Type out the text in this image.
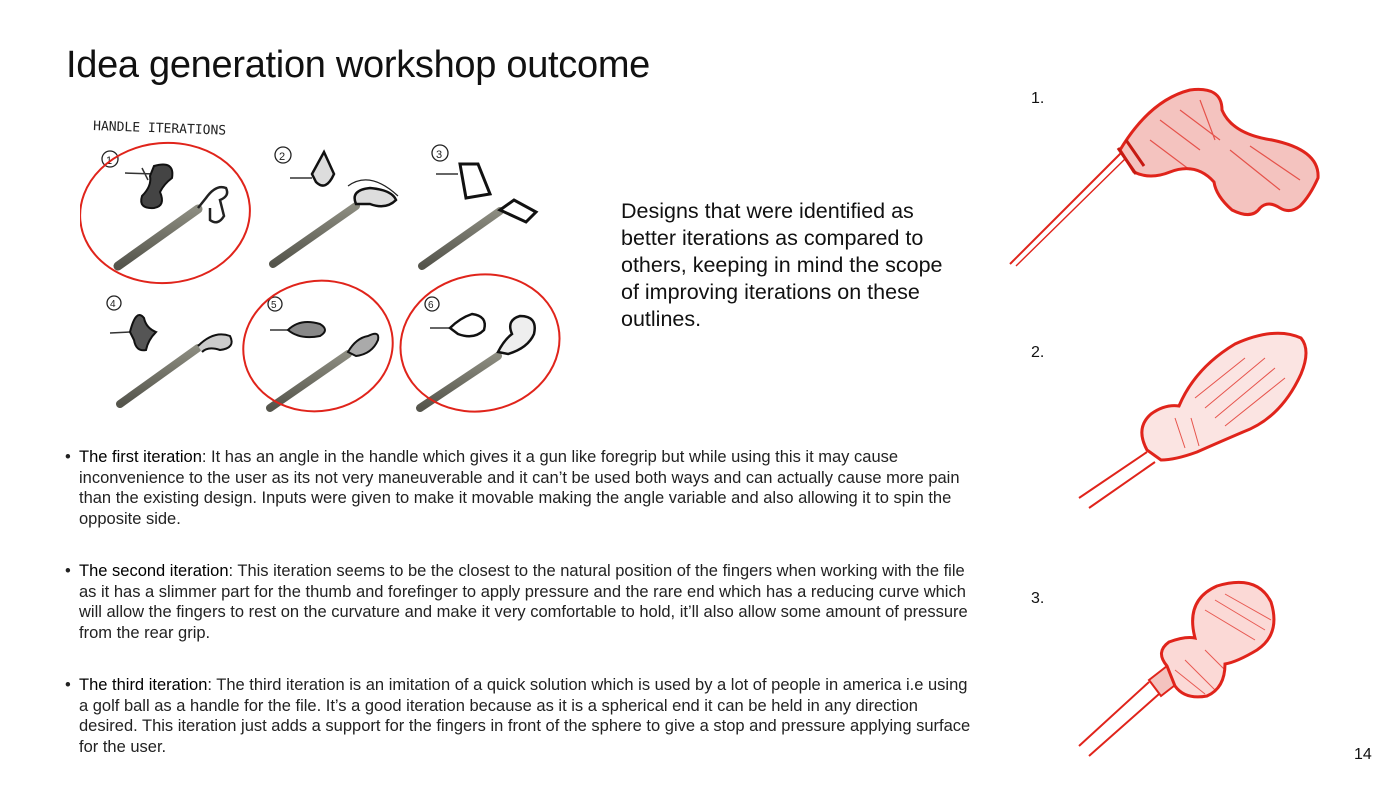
Idea generation workshop outcome
HANDLE ITERATIONS
1	2	3
4	5	6
Designs that were identified as better iterations as compared to others, keeping in mind the scope of improving iterations on these outlines.
• The first iteration: It has an angle in the handle which gives it a gun like foregrip but while using this it may cause inconvenience to the user as its not very maneuverable and it can’t be used both ways and can actually cause more pain than the existing design. Inputs were given to make it movable making the angle variable and also allowing it to spin the opposite side.
• The second iteration: This iteration seems to be the closest to the natural position of the fingers when working with the file as it has a slimmer part for the thumb and forefinger to apply pressure and the rare end which has a reducing curve which will allow the fingers to rest on the curvature and make it very comfortable to hold, it’ll also allow some amount of pressure from the rear grip.
• The third iteration: The third iteration is an imitation of a quick solution which is used by a lot of people in america i.e using a golf ball as a handle for the file. It’s a good iteration because as it is a spherical end it can be held in any direction desired. This iteration just adds a support for the fingers in front of the sphere to give a stop and pressure applying surface for the user.
1.
2.
3.
14
